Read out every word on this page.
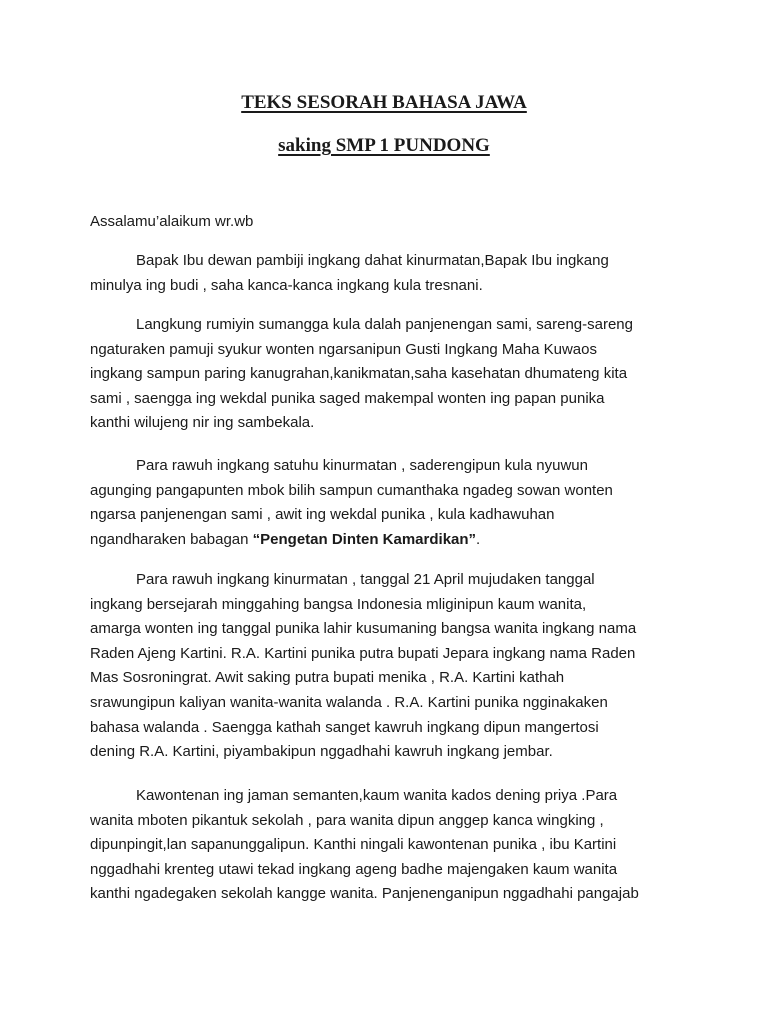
TEKS SESORAH BAHASA JAWA
saking SMP 1 PUNDONG
Assalamu’alaikum wr.wb
Bapak Ibu dewan pambiji ingkang dahat kinurmatan,Bapak Ibu ingkang
minulya ing budi , saha kanca-kanca ingkang kula tresnani.
Langkung rumiyin sumangga kula dalah panjenengan sami, sareng-sareng
ngaturaken pamuji syukur wonten ngarsanipun Gusti Ingkang Maha Kuwaos
ingkang sampun paring kanugrahan,kanikmatan,saha kasehatan dhumateng kita
sami , saengga ing wekdal punika saged makempal wonten ing papan punika
kanthi wilujeng nir ing sambekala.
Para rawuh ingkang satuhu kinurmatan , saderengipun kula nyuwun
agunging pangapunten mbok bilih sampun cumanthaka ngadeg sowan wonten
ngarsa panjenengan sami , awit ing wekdal punika , kula kadhawuhan
ngandharaken babagan “Pengetan Dinten Kamardikan”.
Para rawuh ingkang kinurmatan , tanggal 21 April mujudaken tanggal
ingkang bersejarah minggahing bangsa Indonesia mliginipun kaum wanita,
amarga wonten ing tanggal punika lahir kusumaning bangsa wanita ingkang nama
Raden Ajeng Kartini. R.A. Kartini punika putra bupati Jepara ingkang nama Raden
Mas Sosroningrat. Awit saking putra bupati menika , R.A. Kartini kathah
srawungipun kaliyan wanita-wanita walanda . R.A. Kartini punika ngginakaken
bahasa walanda . Saengga kathah sanget kawruh ingkang dipun mangertosi
dening R.A. Kartini, piyambakipun nggadhahi kawruh ingkang jembar.
Kawontenan ing jaman semanten,kaum wanita kados dening priya .Para
wanita mboten pikantuk sekolah , para wanita dipun anggep kanca wingking ,
dipunpingit,lan sapanunggalipun. Kanthi ningali kawontenan punika , ibu Kartini
nggadhahi krenteg utawi tekad ingkang ageng badhe majengaken kaum wanita
kanthi ngadegaken sekolah kangge wanita. Panjenenganipun nggadhahi pangajab
